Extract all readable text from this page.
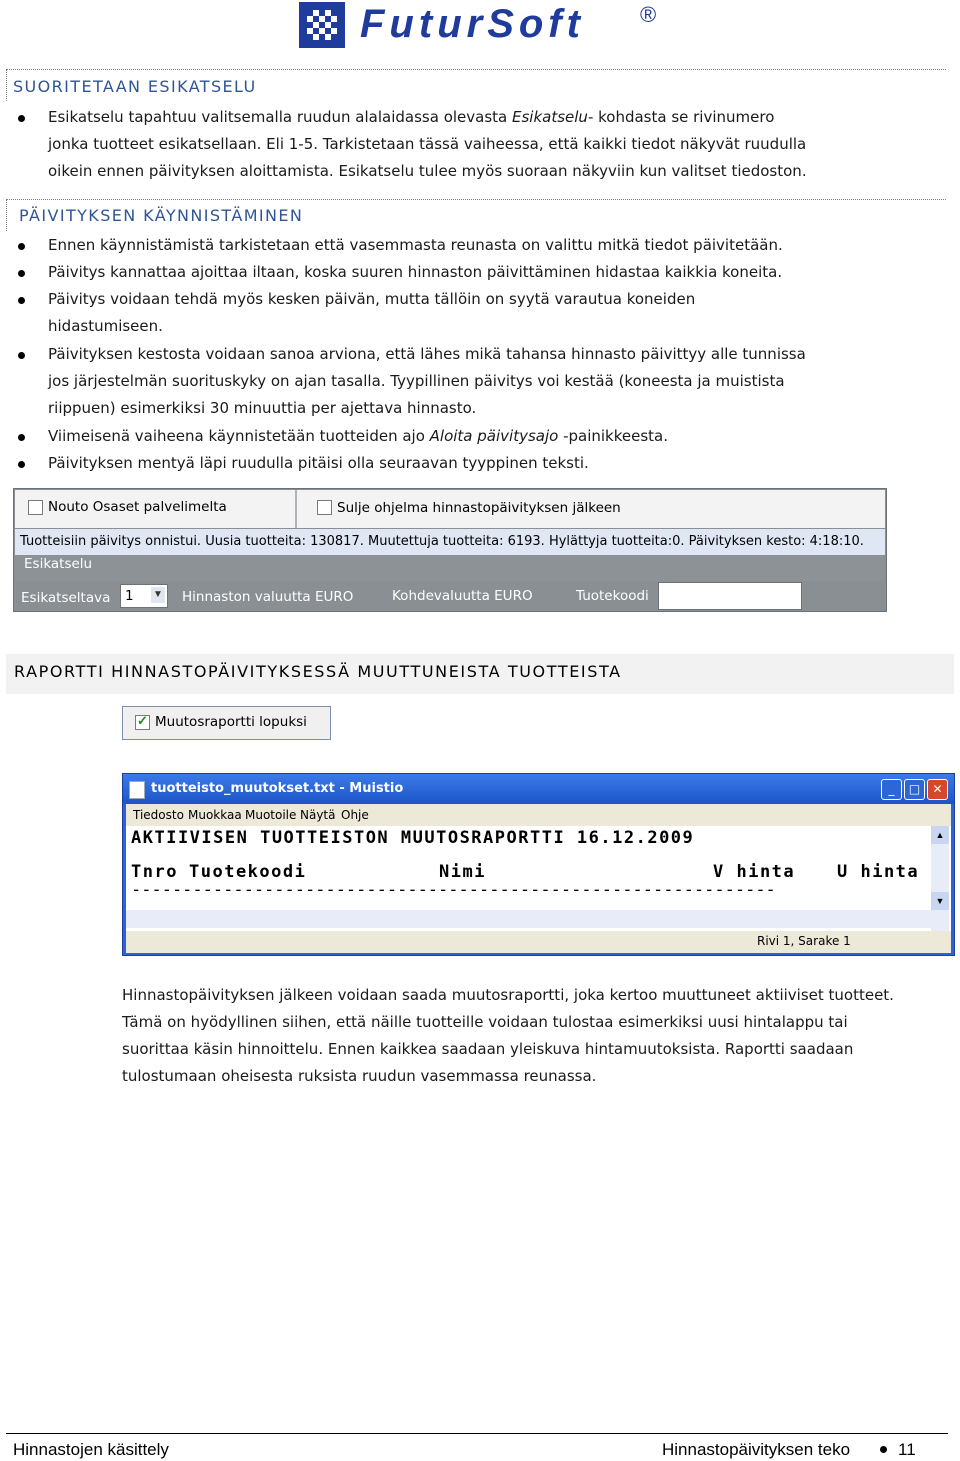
FuturSoft	®
SUORITETAAN ESIKATSELU
Esikatselu tapahtuu valitsemalla ruudun alalaidassa olevasta Esikatselu- kohdasta se rivinumero
jonka tuotteet esikatsellaan. Eli 1-5. Tarkistetaan tässä vaiheessa, että kaikki tiedot näkyvät ruudulla
oikein ennen päivityksen aloittamista. Esikatselu tulee myös suoraan näkyviin kun valitset tiedoston.
PÄIVITYKSEN KÄYNNISTÄMINEN
Ennen käynnistämistä tarkistetaan että vasemmasta reunasta on valittu mitkä tiedot päivitetään.
Päivitys kannattaa ajoittaa iltaan, koska suuren hinnaston päivittäminen hidastaa kaikkia koneita.
Päivitys voidaan tehdä myös kesken päivän, mutta tällöin on syytä varautua koneiden
hidastumiseen.
Päivityksen kestosta voidaan sanoa arviona, että lähes mikä tahansa hinnasto päivittyy alle tunnissa
jos järjestelmän suorituskyky on ajan tasalla. Tyypillinen päivitys voi kestää (koneesta ja muistista
riippuen) esimerkiksi 30 minuuttia per ajettava hinnasto.
Viimeisenä vaiheena käynnistetään tuotteiden ajo Aloita päivitysajo -painikkeesta.
Päivityksen mentyä läpi ruudulla pitäisi olla seuraavan tyyppinen teksti.
Nouto Osaset palvelimelta	Sulje ohjelma hinnastopäivityksen jälkeen
Tuotteisiin päivitys onnistui. Uusia tuotteita: 130817. Muutettuja tuotteita: 6193. Hylättyja tuotteita:0. Päivityksen kesto: 4:18:10.
Esikatselu
Esikatseltava 1 ▼ Hinnaston valuutta EURO	Kohdevaluutta EURO	Tuotekoodi
RAPORTTI HINNASTOPÄIVITYKSESSÄ MUUTTUNEISTA TUOTTEISTA
✓ Muutosraportti lopuksi
tuotteisto_muutokset.txt - Muistio	_	□	✕
Tiedosto Muokkaa Muotoile Näytä Ohje
AKTIIVISEN TUOTTEISTON MUUTOSRAPORTTI 16.12.2009
Tnro Tuotekoodi	Nimi	V hinta U hinta
---------------------------------------------------------------
▲
▼
Rivi 1, Sarake 1
Hinnastopäivityksen jälkeen voidaan saada muutosraportti, joka kertoo muuttuneet aktiiviset tuotteet.
Tämä on hyödyllinen siihen, että näille tuotteille voidaan tulostaa esimerkiksi uusi hintalappu tai
suorittaa käsin hinnoittelu. Ennen kaikkea saadaan yleiskuva hintamuutoksista. Raportti saadaan
tulostumaan oheisesta ruksista ruudun vasemmassa reunassa.
Hinnastojen käsittely	Hinnastopäivityksen teko	11
